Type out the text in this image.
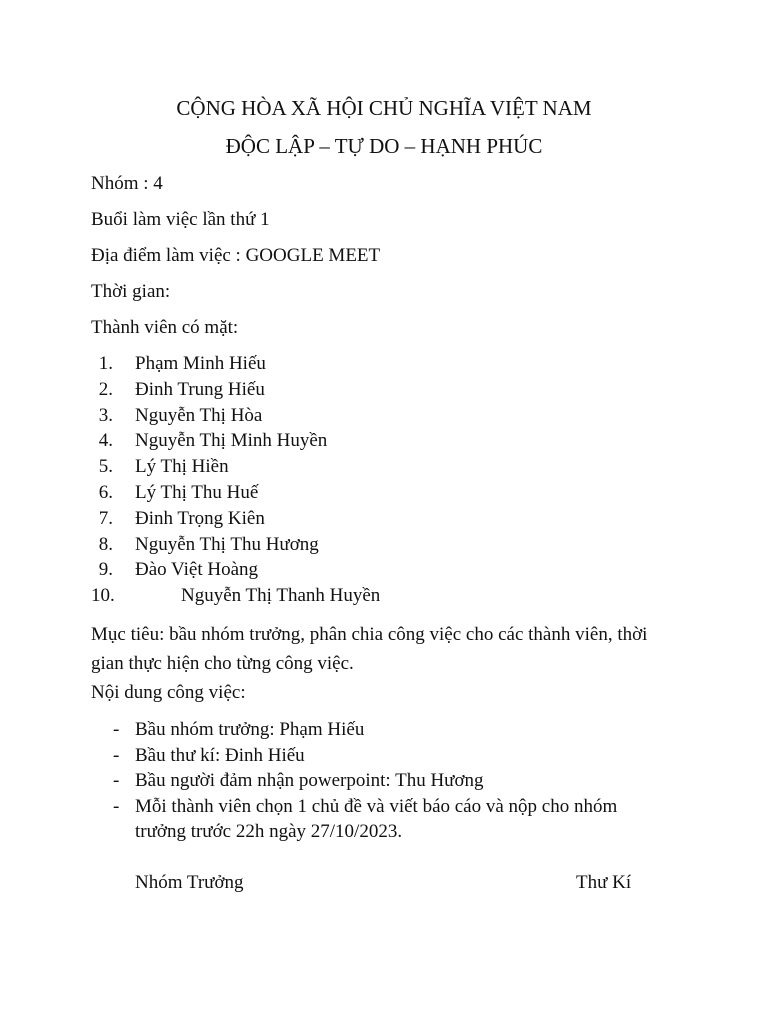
CỘNG HÒA XÃ HỘI CHỦ NGHĨA VIỆT NAM
ĐỘC LẬP – TỰ DO – HẠNH PHÚC
Nhóm : 4
Buổi làm việc lần thứ 1
Địa điểm làm việc : GOOGLE MEET
Thời gian:
Thành viên có mặt:
1. Phạm Minh Hiếu
2. Đinh Trung Hiếu
3. Nguyễn Thị Hòa
4. Nguyễn Thị Minh Huyền
5. Lý Thị Hiền
6. Lý Thị Thu Huế
7. Đinh Trọng Kiên
8. Nguyễn Thị Thu Hương
9. Đào Việt Hoàng
10.	Nguyễn Thị Thanh Huyền
Mục tiêu: bầu nhóm trưởng, phân chia công việc cho các thành viên, thời gian thực hiện cho từng công việc.
Nội dung công việc:
- Bầu nhóm trưởng: Phạm Hiếu
- Bầu thư kí: Đinh Hiếu
- Bầu người đảm nhận powerpoint: Thu Hương
- Mỗi thành viên chọn 1 chủ đề và viết báo cáo và nộp cho nhóm trưởng trước 22h ngày 27/10/2023.
Nhóm Trưởng	Thư Kí
